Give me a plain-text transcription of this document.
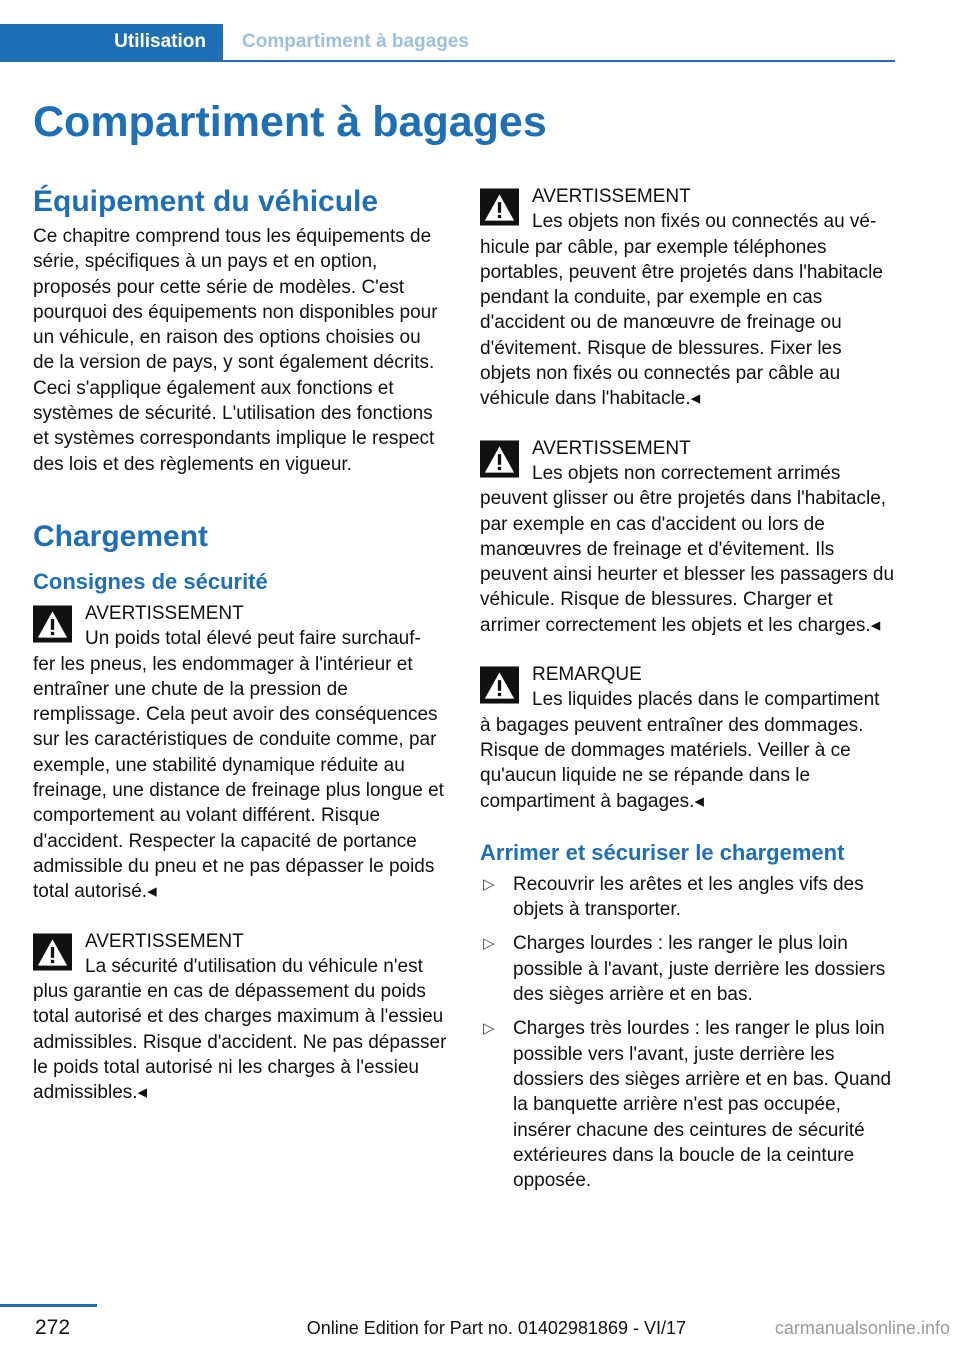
Utilisation Compartiment à bagages
Compartiment à bagages
Équipement du véhicule

Ce chapitre comprend tous les équipements de série, spécifiques à un pays et en option, proposés pour cette série de modèles. C'est pourquoi des équipements non disponibles pour un véhicule, en raison des options choisies ou de la version de pays, y sont également décrits. Ceci s'applique également aux fonctions et systèmes de sécurité. L'utilisation des fonctions et systèmes correspondants implique le respect des lois et des règlements en vigueur.

Chargement
Consignes de sécurité

AVERTISSEMENT

Un poids total élevé peut faire surchauf-

fer les pneus, les endommager à l'intérieur et entraîner une chute de la pression de remplissage. Cela peut avoir des conséquences sur les caractéristiques de conduite comme, par exemple, une stabilité dynamique réduite au freinage, une distance de freinage plus longue et comportement au volant différent. Risque d'accident. Respecter la capacité de portance admissible du pneu et ne pas dépasser le poids total autorisé.◂

AVERTISSEMENT

La sécurité d'utilisation du véhicule n'est

plus garantie en cas de dépassement du poids total autorisé et des charges maximum à l'essieu admissibles. Risque d'accident. Ne pas dépasser le poids total autorisé ni les charges à l'essieu admissibles.◂

AVERTISSEMENT

Les objets non fixés ou connectés au vé-

hicule par câble, par exemple téléphones portables, peuvent être projetés dans l'habitacle pendant la conduite, par exemple en cas d'accident ou de manœuvre de freinage ou d'évitement. Risque de blessures. Fixer les objets non fixés ou connectés par câble au véhicule dans l'habitacle.◂

AVERTISSEMENT

Les objets non correctement arrimés

peuvent glisser ou être projetés dans l'habitacle, par exemple en cas d'accident ou lors de manœuvres de freinage et d'évitement. Ils peuvent ainsi heurter et blesser les passagers du véhicule. Risque de blessures. Charger et arrimer correctement les objets et les charges.◂

REMARQUE

Les liquides placés dans le compartiment

à bagages peuvent entraîner des dommages. Risque de dommages matériels. Veiller à ce qu'aucun liquide ne se répande dans le compartiment à bagages.◂

Arrimer et sécuriser le chargement
▷ Recouvrir les arêtes et les angles vifs des objets à transporter.
▷ Charges lourdes : les ranger le plus loin possible à l'avant, juste derrière les dossiers des sièges arrière et en bas.
▷ Charges très lourdes : les ranger le plus loin possible vers l'avant, juste derrière les dossiers des sièges arrière et en bas. Quand la banquette arrière n'est pas occupée, insérer chacune des ceintures de sécurité extérieures dans la boucle de la ceinture opposée.
272	Online Edition for Part no. 01402981869 - VI/17	carmanualsonline.info
